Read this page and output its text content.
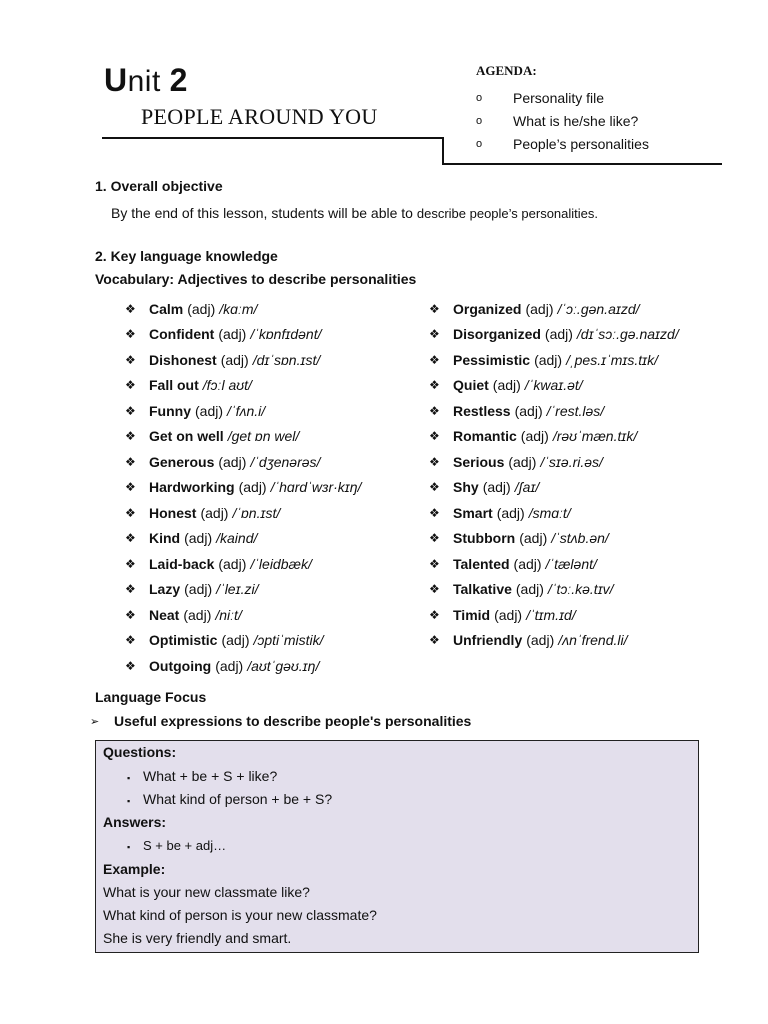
Unit 2
PEOPLE AROUND YOU
AGENDA:
o	Personality file
o	What is he/she like?
o	People’s personalities
1. Overall objective
By the end of this lesson, students will be able to describe people’s personalities.
2. Key language knowledge
Vocabulary: Adjectives to describe personalities
❖ Calm (adj) /kɑːm/
❖ Confident (adj) /ˈkɒnfɪdənt/
❖ Dishonest (adj) /dɪˈsɒn.ɪst/
❖ Fall out /fɔːl aʊt/
❖ Funny (adj) /ˈfʌn.i/
❖ Get on well /get ɒn wel/
❖ Generous (adj) /ˈdʒenərəs/
❖ Hardworking (adj) /ˈhɑrdˈwɜr·kɪŋ/
❖ Honest (adj) /ˈɒn.ɪst/
❖ Kind (adj) /kaind/
❖ Laid-back (adj) /ˈleidbæk/
❖ Lazy (adj) /ˈleɪ.zi/
❖ Neat (adj) /niːt/
❖ Optimistic (adj) /ɔptiˈmistik/
❖ Outgoing (adj) /aʊtˈɡəʊ.ɪŋ/
❖ Organized (adj) /ˈɔː.ɡən.aɪzd/
❖ Disorganized (adj) /dɪˈsɔː.ɡə.naɪzd/
❖ Pessimistic (adj) /ˌpes.ɪˈmɪs.tɪk/
❖ Quiet (adj) /ˈkwaɪ.ət/
❖ Restless (adj) /ˈrest.ləs/
❖ Romantic (adj) /rəʊˈmæn.tɪk/
❖ Serious (adj) /ˈsɪə.ri.əs/
❖ Shy (adj) /ʃaɪ/
❖ Smart (adj) /smɑːt/
❖ Stubborn (adj) /ˈstʌb.ən/
❖ Talented (adj) /ˈtælənt/
❖ Talkative (adj) /ˈtɔː.kə.tɪv/
❖ Timid (adj) /ˈtɪm.ɪd/
❖ Unfriendly (adj) /ʌnˈfrend.li/
Language Focus
➢	Useful expressions to describe people's personalities
Questions:
▪ What + be + S + like?
▪ What kind of person + be + S?
Answers:
▪ S + be + adj…
Example:
What is your new classmate like?
What kind of person is your new classmate?
She is very friendly and smart.
